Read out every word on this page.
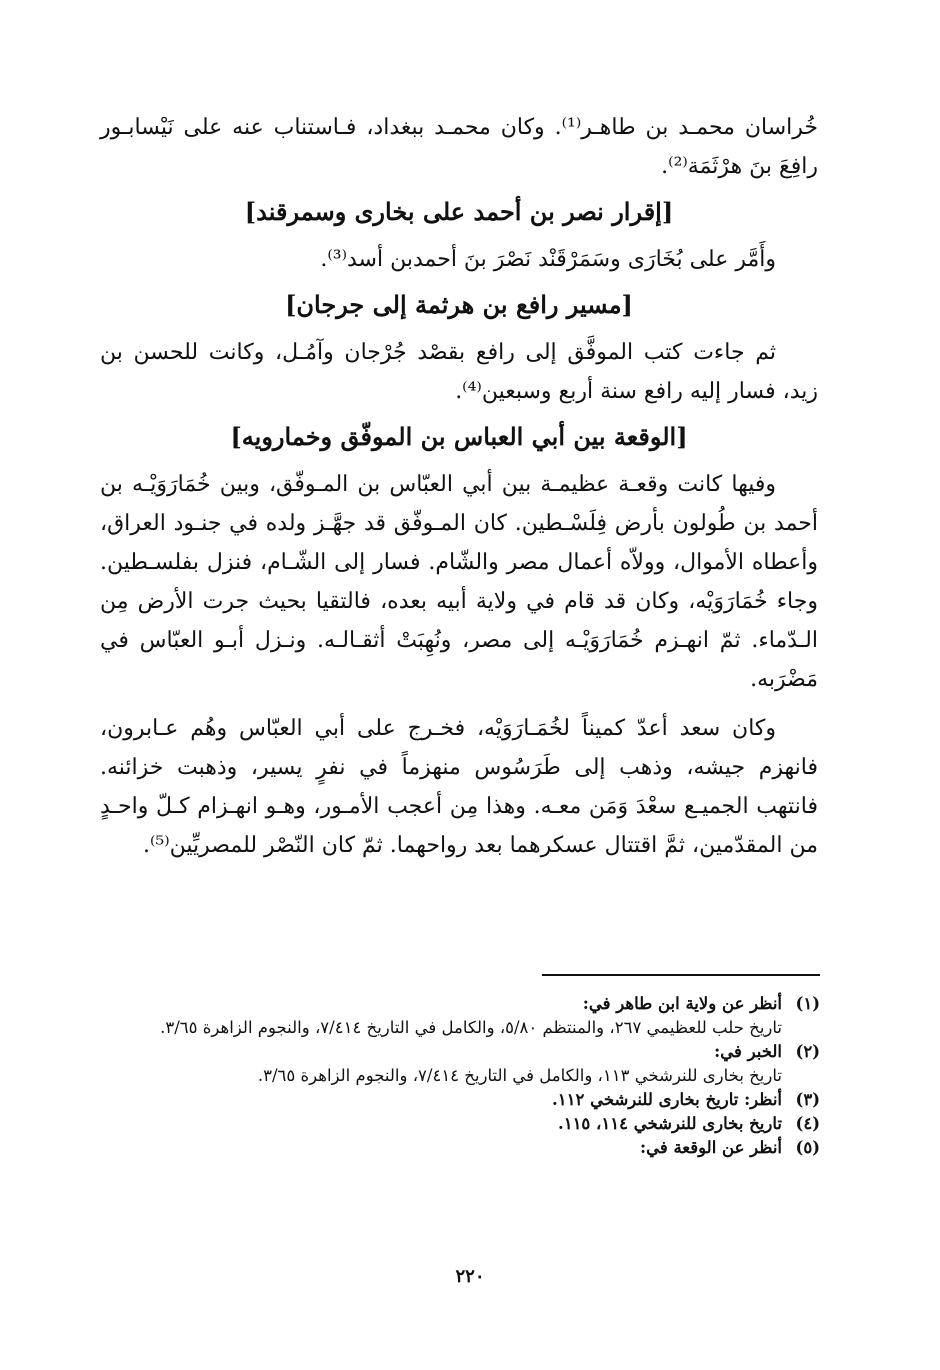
خُراسان محمـد بن طاهـر⁽¹⁾. وكان محمـد ببغداد، فـاستناب عنه على نَيْسابـور رافِعَ بنَ هرْثَمَة⁽²⁾.

[إقرار نصر بن أحمد على بخارى وسمرقند]

وأَمَّر على بُخَارَى وسَمَرْقَنْد نَصْرَ بنَ أحمدبن أسد⁽³⁾.

[مسير رافع بن هرثمة إلى جرجان]

ثم جاءت كتب الموفَّق إلى رافع بقصْد جُرْجان وآمُـل، وكانت للحسن بن زيد، فسار إليه رافع سنة أربع وسبعين⁽⁴⁾.

[الوقعة بين أبي العباس بن الموفّق وخمارويه]

وفيها كانت وقعـة عظيمـة بين أبي العبّاس بن المـوفّق، وبين خُمَارَوَيْـه بن أحمد بن طُولون بأرض فِلَسْـطين. كان المـوفّق قد جهَّـز ولده في جنـود العراق، وأعطاه الأموال، وولاّه أعمال مصر والشّام. فسار إلى الشّـام، فنزل بفلسـطين. وجاء خُمَارَوَيْه، وكان قد قام في ولاية أبيه بعده، فالتقيا بحيث جرت الأرض مِن الـدّماء. ثمّ انهـزم خُمَارَوَيْـه إلى مصر، ونُهِبَتْ أثقـالـه. ونـزل أبـو العبّاس في مَضْرَبه.

وكان سعد أعدّ كميناً لخُمَـارَوَيْه، فخـرج على أبي العبّاس وهُم عـابرون، فانهزم جيشه، وذهب إلى طَرَسُوس منهزماً في نفرٍ يسير، وذهبت خزائنه. فانتهب الجميـع سعْدَ وَمَن معـه. وهذا مِن أعجب الأمـور، وهـو انهـزام كـلّ واحـدٍ من المقدّمين، ثمَّ اقتتال عسكرهما بعد رواحهما. ثمّ كان النّصْر للمصريِّين⁽⁵⁾.

(١)
أنظر عن ولاية ابن طاهر في:
تاريخ حلب للعظيمي ٢٦٧، والمنتظم ٥/٨٠، والكامل في التاريخ ٧/٤١٤، والنجوم الزاهرة ٣/٦٥.
(٢)
الخبر في:
تاريخ بخارى للنرشخي ١١٣، والكامل في التاريخ ٧/٤١٤، والنجوم الزاهرة ٣/٦٥.
(٣)
أنظر: تاريخ بخارى للنرشخي ١١٢.
(٤)
تاريخ بخارى للنرشخي ١١٤، ١١٥.
(٥)
أنظر عن الوقعة في:
٢٢٠
